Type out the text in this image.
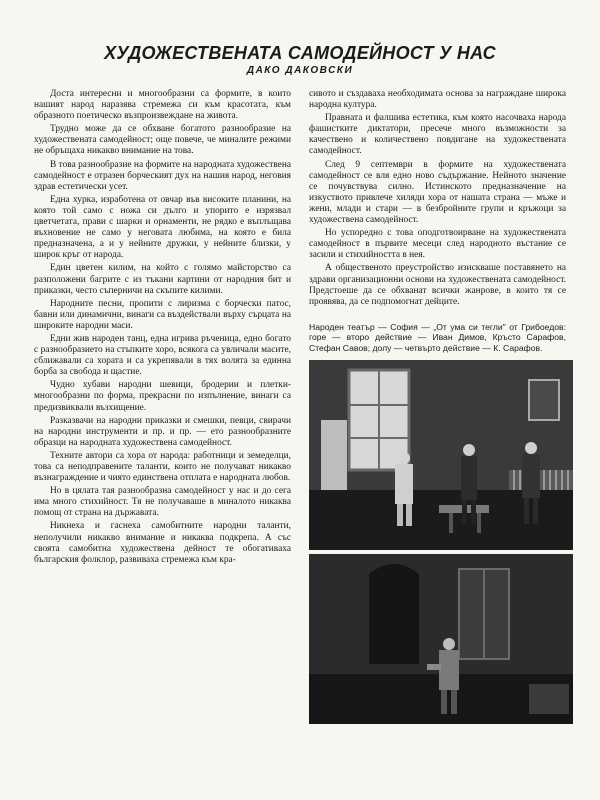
ХУДОЖЕСТВЕНАТА САМОДЕЙНОСТ У НАС
ДАКО ДАКОВСКИ

Доста интересни и многообразни са формите, в които нашият народ наразява стремежа си към красотата, към образното поетическо възпроизвеждане на живота.

Трудно може да се обхване богатото разнообразие на художествената самодейност; още повече, че миналите режими не обръщаха никакво внимание на това.

В това разнообразие на формите на народната художествена самодейност е отразен борческият дух на нашия народ, неговия здрав естетически усет.

Една хурка, изработена от овчар във високите планини, на която той само с ножа си дълго и упорито е изрязвал цветчетата, прави с шарки и орнаменти, не рядко е въплъщава въхновение не само у неговата любима, на която е била предназначена, а и у нейните дружки, у нейните близки, у широк кръг от народа.

Един цветен килим, на който с голямо майсторство са разположени багрите с из тъкани картини от народния бит и приказки, често съперничи на скъпите килими.

Народните песни, пропити с лиризма с борчески патос, бавни или динамични, винаги са въздействали върху сърцата на широките народни маси.

Едни жив народен танц, една игрива ръченица, едно богато с разнообразието на стъпките хоро, всякога са увличали масите, сближавали са хората и са укрепявали в тях волята за единна борба за свобода и щастие.

Чудно хубави народни шевици, бродерии и плетки-многообразни по форма, прекрасни по изпълнение, винаги са предизвиквали възхищение.

Разказвачи на народни приказки и смешки, певци, свирачи на народни инструменти и пр. и пр. — ето разнообразните образци на народната художествена самодейност.

Техните автори са хора от народа: работници и земеделци, това са неподправените таланти, които не получават никакво възнаграждение и чиято единствена отплата е народната любов.

Но в цялата тая разнообразна самодейност у нас и до сега има много стихийност. Тя не получаваше в миналото никаква помощ от страна на държавата.

Никнеха и гаснеха самобитните народни таланти, неполучили никакво внимание и никаква подкрепа. А със своята самобитна художествена дейност те обогативаха българския фолклор, развиваха стремежа към кра-

сивото и създаваха необходимата основа за награждане широка народна култура.

Правната и фалшива естетика, към която насочваха народа фашистките диктатори, пресече много възможности за качествено и количествено повдигане на художествената самодейност.

След 9 септември в формите на художествената самодейност се вля едно ново съдържание. Нейното значение се почувствува силно. Истинското предназначение на изкуството привлече хиляди хора от нашата страна — мъже и жени, млади и стари — в безбройните групи и кръжоци за художествена самодейност.

Но успоредно с това оподготвоирване на художествената самодейност в първите месеци след народното въстание се засили и стихийността в нея.

А общественото преустройство изискваше поставянето на здрави организационни основи на художествената самодейност. Предстоеше да се обхванат всички жанрове, в които тя се проявява, да се подпомогнат дейците.

Народен театър — София — „От ума си тегли" от Грибоедов: горе — второ действие — Иван Димов, Кръсто Сарафов, Стефан Савов; долу — четвърто действие — К. Сарафов.
